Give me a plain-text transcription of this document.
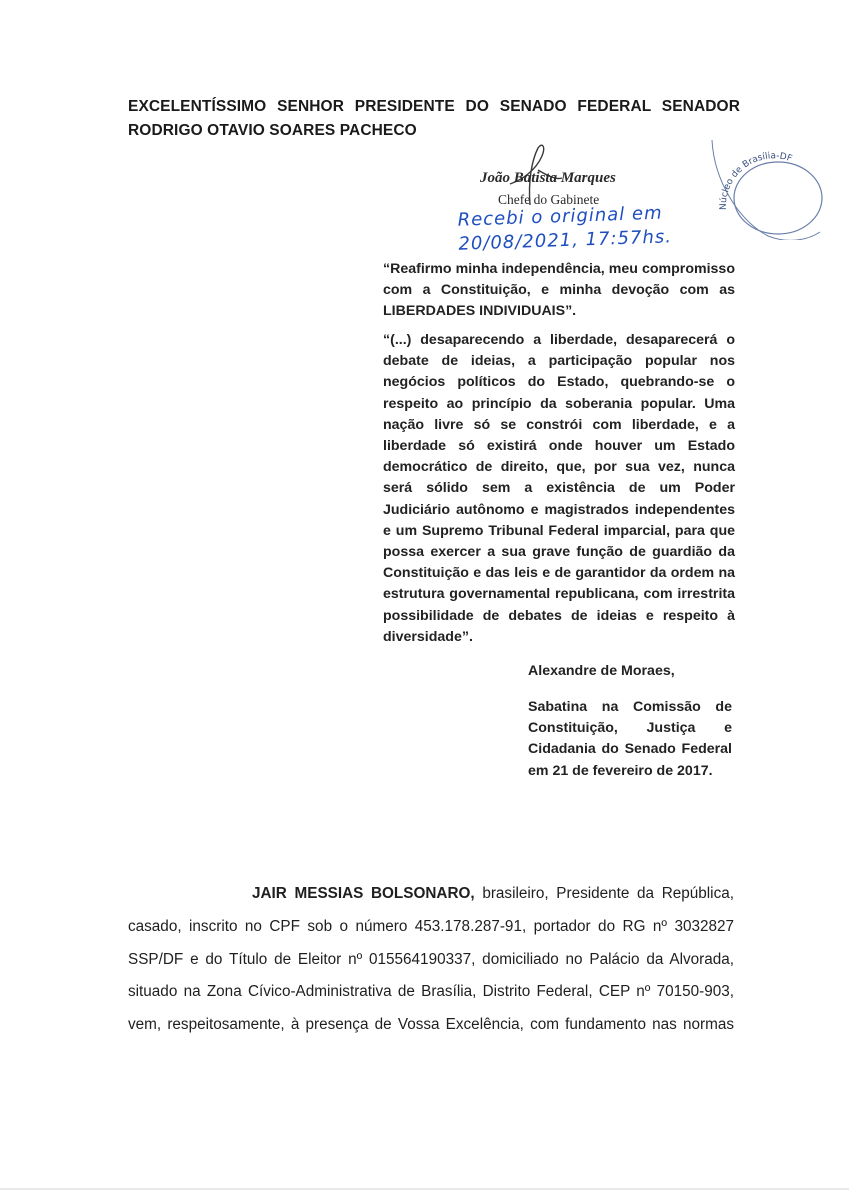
EXCELENTÍSSIMO SENHOR PRESIDENTE DO SENADO FEDERAL SENADOR RODRIGO OTAVIO SOARES PACHECO
João Batista Marques
Chefe do Gabinete
Recebi o original em
20/08/2021, 17:57hs.
Núcleo de Brasília-DF
“Reafirmo minha independência, meu compromisso com a Constituição, e minha devoção com as LIBERDADES INDIVIDUAIS”.
“(...) desaparecendo a liberdade, desaparecerá o debate de ideias, a participação popular nos negócios políticos do Estado, quebrando-se o respeito ao princípio da soberania popular. Uma nação livre só se constrói com liberdade, e a liberdade só existirá onde houver um Estado democrático de direito, que, por sua vez, nunca será sólido sem a existência de um Poder Judiciário autônomo e magistrados independentes e um Supremo Tribunal Federal imparcial, para que possa exercer a sua grave função de guardião da Constituição e das leis e de garantidor da ordem na estrutura governamental republicana, com irrestrita possibilidade de debates de ideias e respeito à diversidade”.
Alexandre de Moraes,
Sabatina na Comissão de Constituição, Justiça e Cidadania do Senado Federal em 21 de fevereiro de 2017.
JAIR MESSIAS BOLSONARO, brasileiro, Presidente da República, casado, inscrito no CPF sob o número 453.178.287-91, portador do RG nº 3032827 SSP/DF e do Título de Eleitor nº 015564190337, domiciliado no Palácio da Alvorada, situado na Zona Cívico-Administrativa de Brasília, Distrito Federal, CEP nº 70150-903, vem, respeitosamente, à presença de Vossa Excelência, com fundamento nas normas
